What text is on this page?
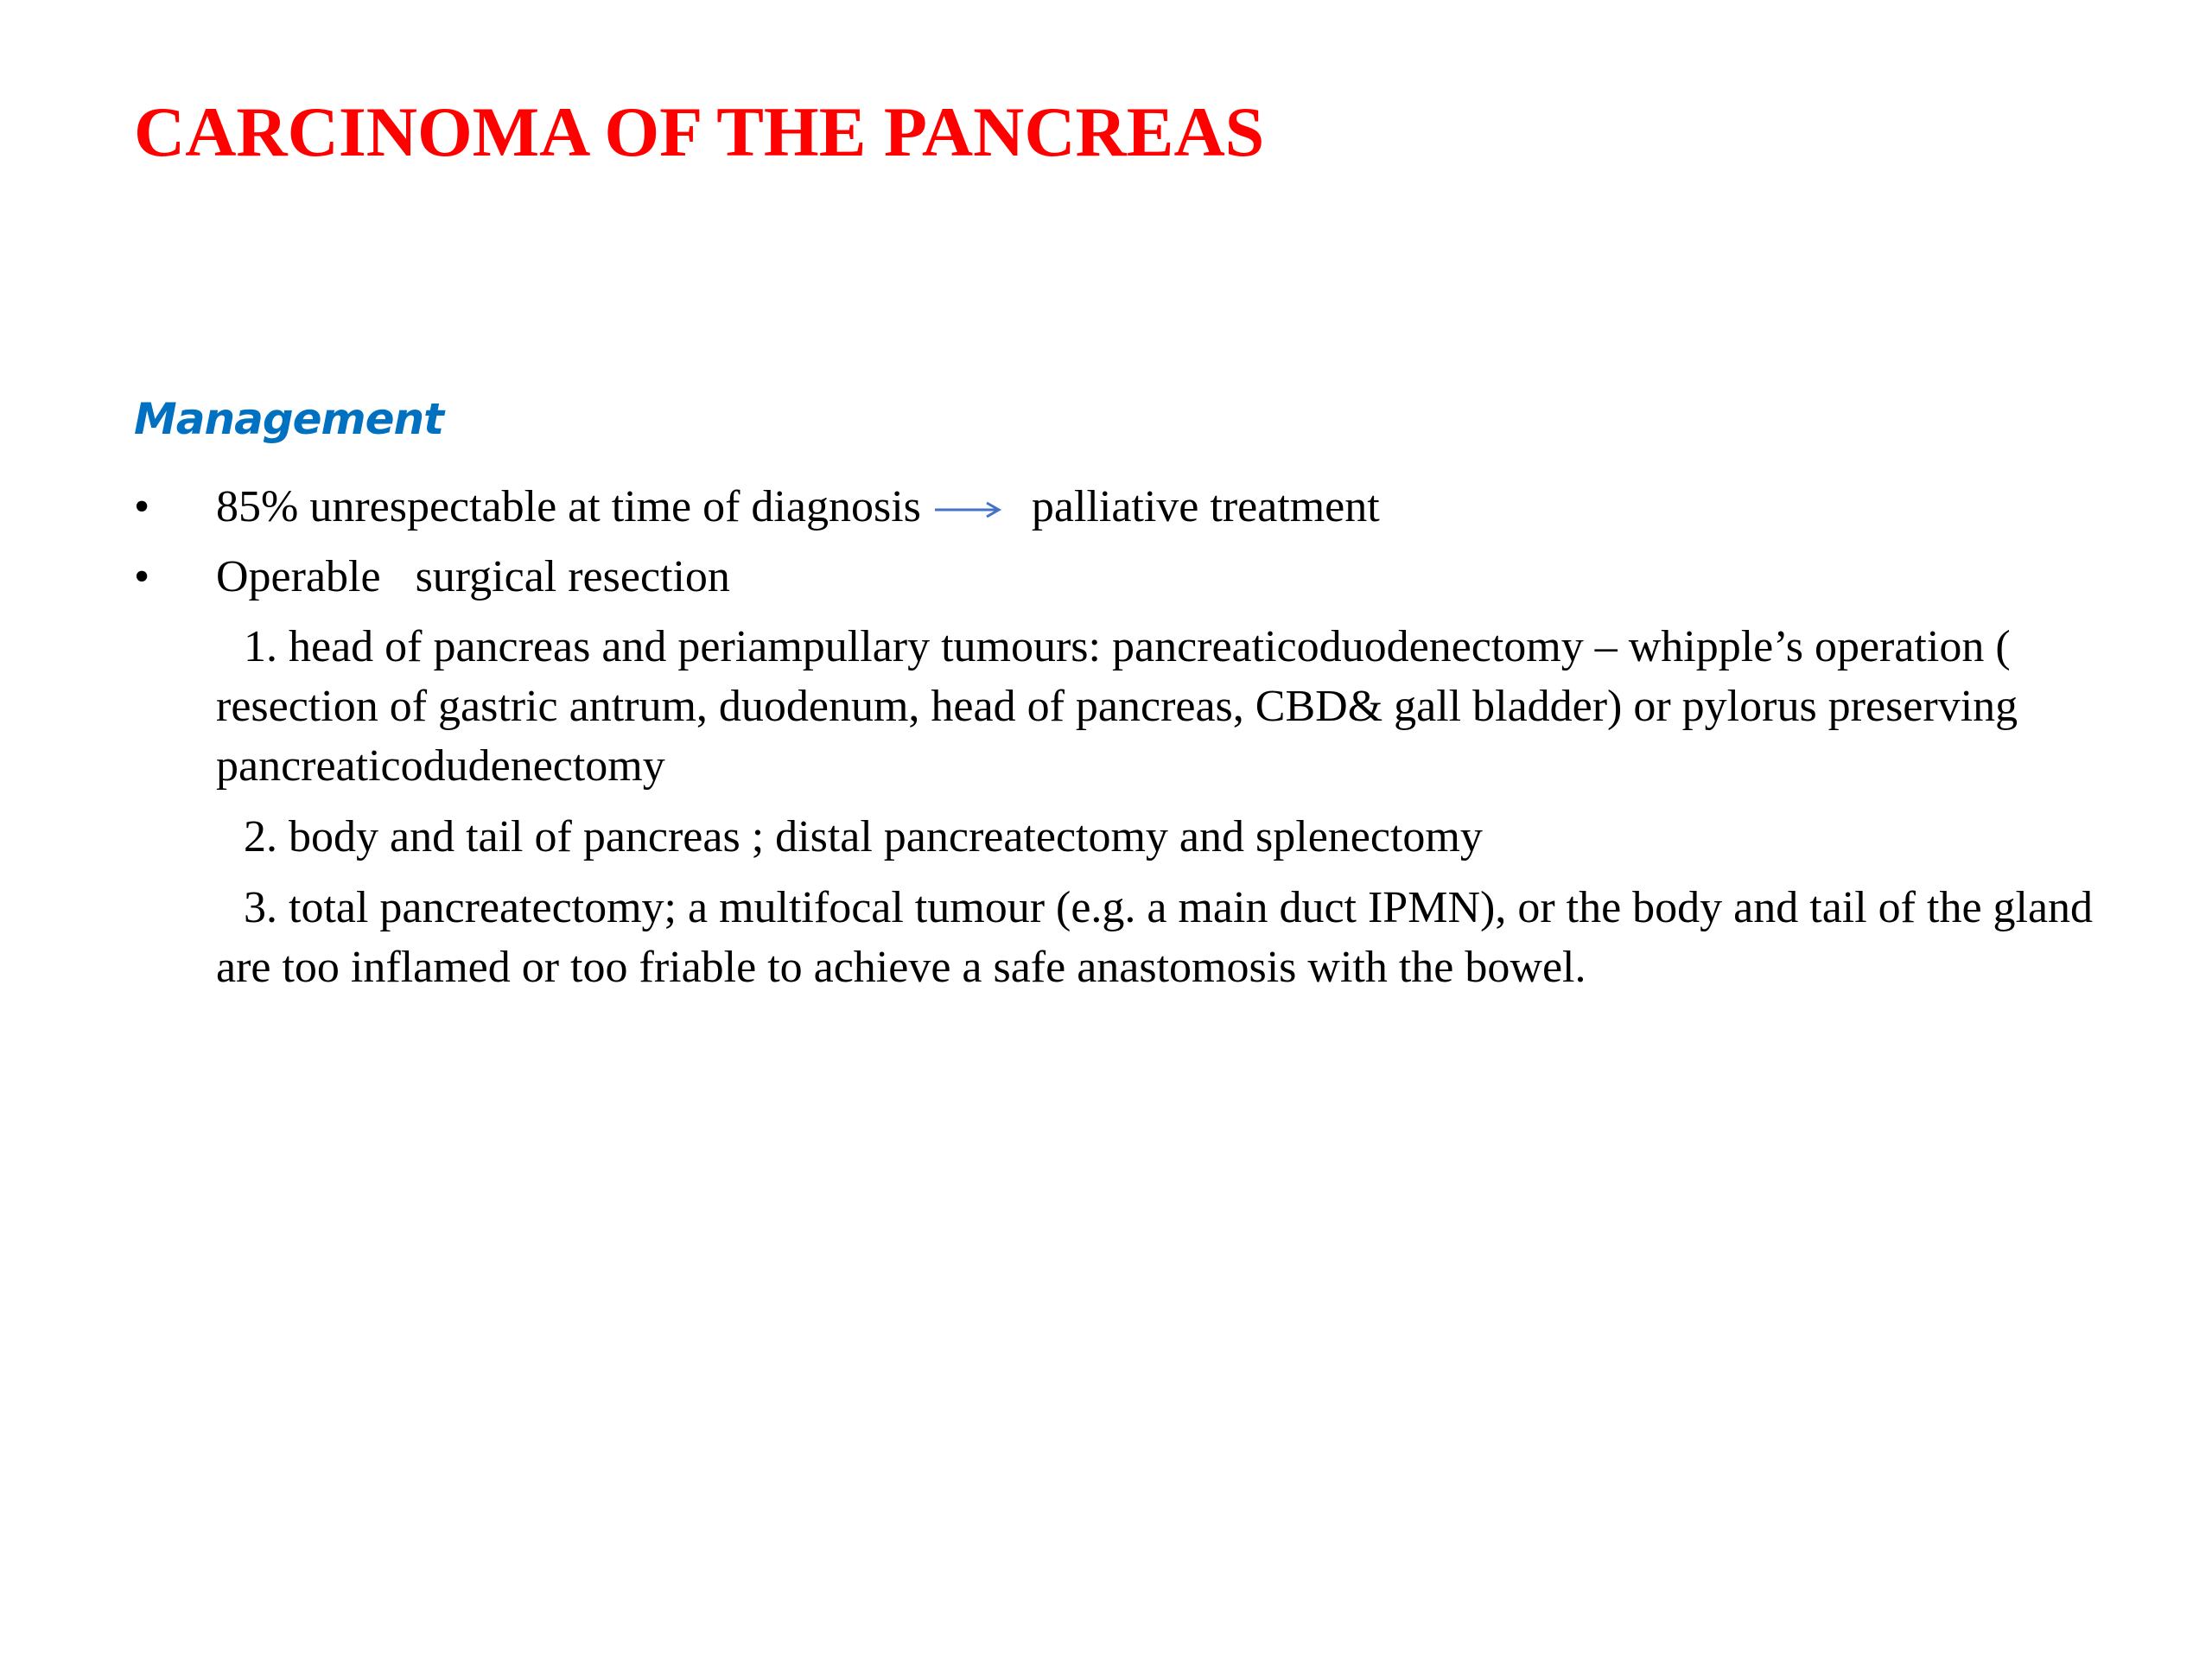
CARCINOMA OF THE PANCREAS
Management
• 85% unrespectable at time of diagnosis palliative treatment
• Operable surgical resection
1. head of pancreas and periampullary tumours: pancreaticoduodenectomy – whipple’s operation ( resection of gastric antrum, duodenum, head of pancreas, CBD& gall bladder) or pylorus preserving pancreaticodudenectomy
2. body and tail of pancreas ; distal pancreatectomy and splenectomy
3. total pancreatectomy; a multifocal tumour (e.g. a main duct IPMN), or the body and tail of the gland are too inflamed or too friable to achieve a safe anastomosis with the bowel.
